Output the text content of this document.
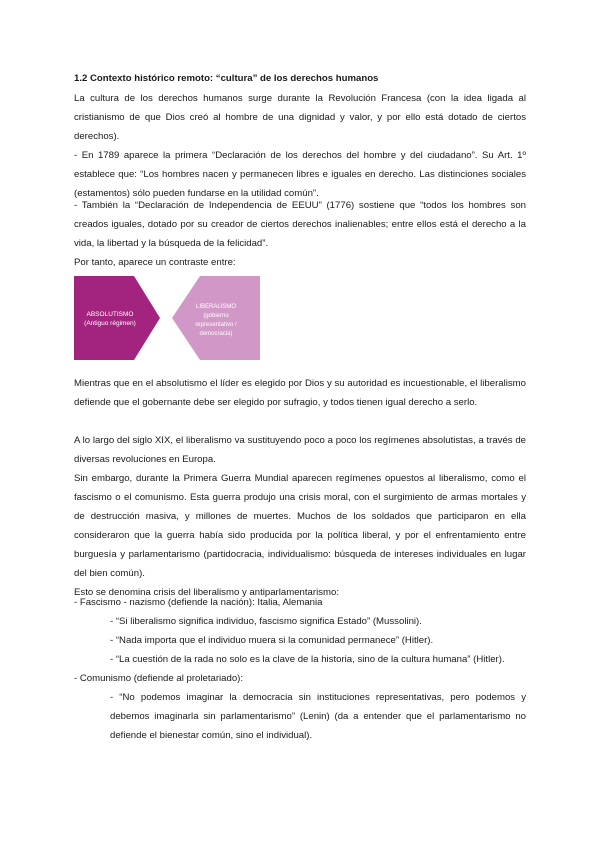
1.2 Contexto histórico remoto: “cultura” de los derechos humanos

La cultura de los derechos humanos surge durante la Revolución Francesa (con la idea ligada al cristianismo de que Dios creó al hombre de una dignidad y valor, y por ello está dotado de ciertos derechos).

- En 1789 aparece la primera “Declaración de los derechos del hombre y del ciudadano”. Su Art. 1º establece que: “Los hombres nacen y permanecen libres e iguales en derecho. Las distinciones sociales (estamentos) sólo pueden fundarse en la utilidad común”.

- También la “Declaración de Independencia de EEUU” (1776) sostiene que “todos los hombres son creados iguales, dotado por su creador de ciertos derechos inalienables; entre ellos está el derecho a la vida, la libertad y la búsqueda de la felicidad”.

Por tanto, aparece un contraste entre:

ABSOLUTISMO
(Antiguo régimen)
LIBERALISMO
(gobierno
representativo /
democracia)

Mientras que en el absolutismo el líder es elegido por Dios y su autoridad es incuestionable, el liberalismo defiende que el gobernante debe ser elegido por sufragio, y todos tienen igual derecho a serlo.

A lo largo del siglo XIX, el liberalismo va sustituyendo poco a poco los regímenes absolutistas, a través de diversas revoluciones en Europa.

Sin embargo, durante la Primera Guerra Mundial aparecen regímenes opuestos al liberalismo, como el fascismo o el comunismo. Esta guerra produjo una crisis moral, con el surgimiento de armas mortales y de destrucción masiva, y millones de muertes. Muchos de los soldados que participaron en ella consideraron que la guerra había sido producida por la política liberal, y por el enfrentamiento entre burguesía y parlamentarismo (partidocracia, individualismo: búsqueda de intereses individuales en lugar del bien común).

Esto se denomina crisis del liberalismo y antiparlamentarismo:

- Fascismo - nazismo (defiende la nación): Italia, Alemania
- “Si liberalismo significa individuo, fascismo significa Estado” (Mussolini).
- “Nada importa que el individuo muera si la comunidad permanece” (Hitler).
- “La cuestión de la rada no solo es la clave de la historia, sino de la cultura humana” (Hitler).
- Comunismo (defiende al proletariado):

- “No podemos imaginar la democracia sin instituciones representativas, pero podemos y debemos imaginarla sin parlamentarismo” (Lenin) (da a entender que el parlamentarismo no defiende el bienestar común, sino el individual).
